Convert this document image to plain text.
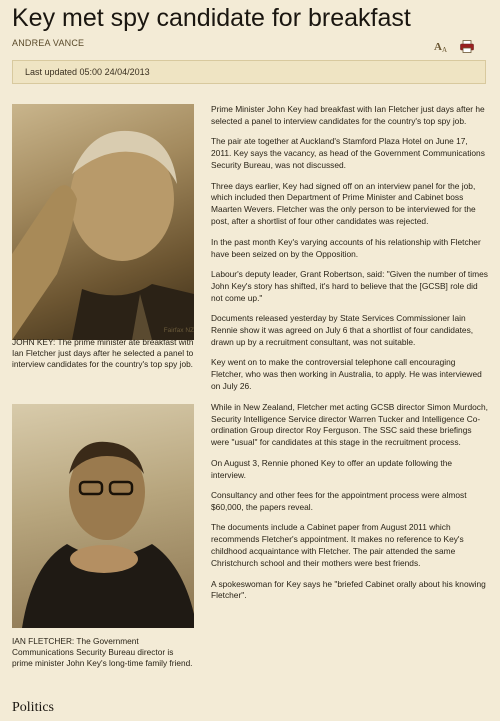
Key met spy candidate for breakfast
ANDREA VANCE	A A
Last updated 05:00 24/04/2013
Fairfax NZ
JOHN KEY: The prime minister ate breakfast with Ian Fletcher just days after he selected a panel to interview candidates for the country's top spy job.
IAN FLETCHER: The Government Communications Security Bureau director is prime minister John Key's long-time family friend.
Politics

Prime Minister John Key had breakfast with Ian Fletcher just days after he selected a panel to interview candidates for the country's top spy job.

The pair ate together at Auckland's Stamford Plaza Hotel on June 17, 2011. Key says the vacancy, as head of the Government Communications Security Bureau, was not discussed.

Three days earlier, Key had signed off on an interview panel for the job, which included then Department of Prime Minister and Cabinet boss Maarten Wevers. Fletcher was the only person to be interviewed for the post, after a shortlist of four other candidates was rejected.

In the past month Key's varying accounts of his relationship with Fletcher have been seized on by the Opposition.

Labour's deputy leader, Grant Robertson, said: "Given the number of times John Key's story has shifted, it's hard to believe that the [GCSB] role did not come up."

Documents released yesterday by State Services Commissioner Iain Rennie show it was agreed on July 6 that a shortlist of four candidates, drawn up by a recruitment consultant, was not suitable.

Key went on to make the controversial telephone call encouraging Fletcher, who was then working in Australia, to apply. He was interviewed on July 26.

While in New Zealand, Fletcher met acting GCSB director Simon Murdoch, Security Intelligence Service director Warren Tucker and Intelligence Co-ordination Group director Roy Ferguson. The SSC said these briefings were "usual" for candidates at this stage in the recruitment process.

On August 3, Rennie phoned Key to offer an update following the interview.

Consultancy and other fees for the appointment process were almost $60,000, the papers reveal.

The documents include a Cabinet paper from August 2011 which recommends Fletcher's appointment. It makes no reference to Key's childhood acquaintance with Fletcher. The pair attended the same Christchurch school and their mothers were best friends.

A spokeswoman for Key says he "briefed Cabinet orally about his knowing Fletcher".
